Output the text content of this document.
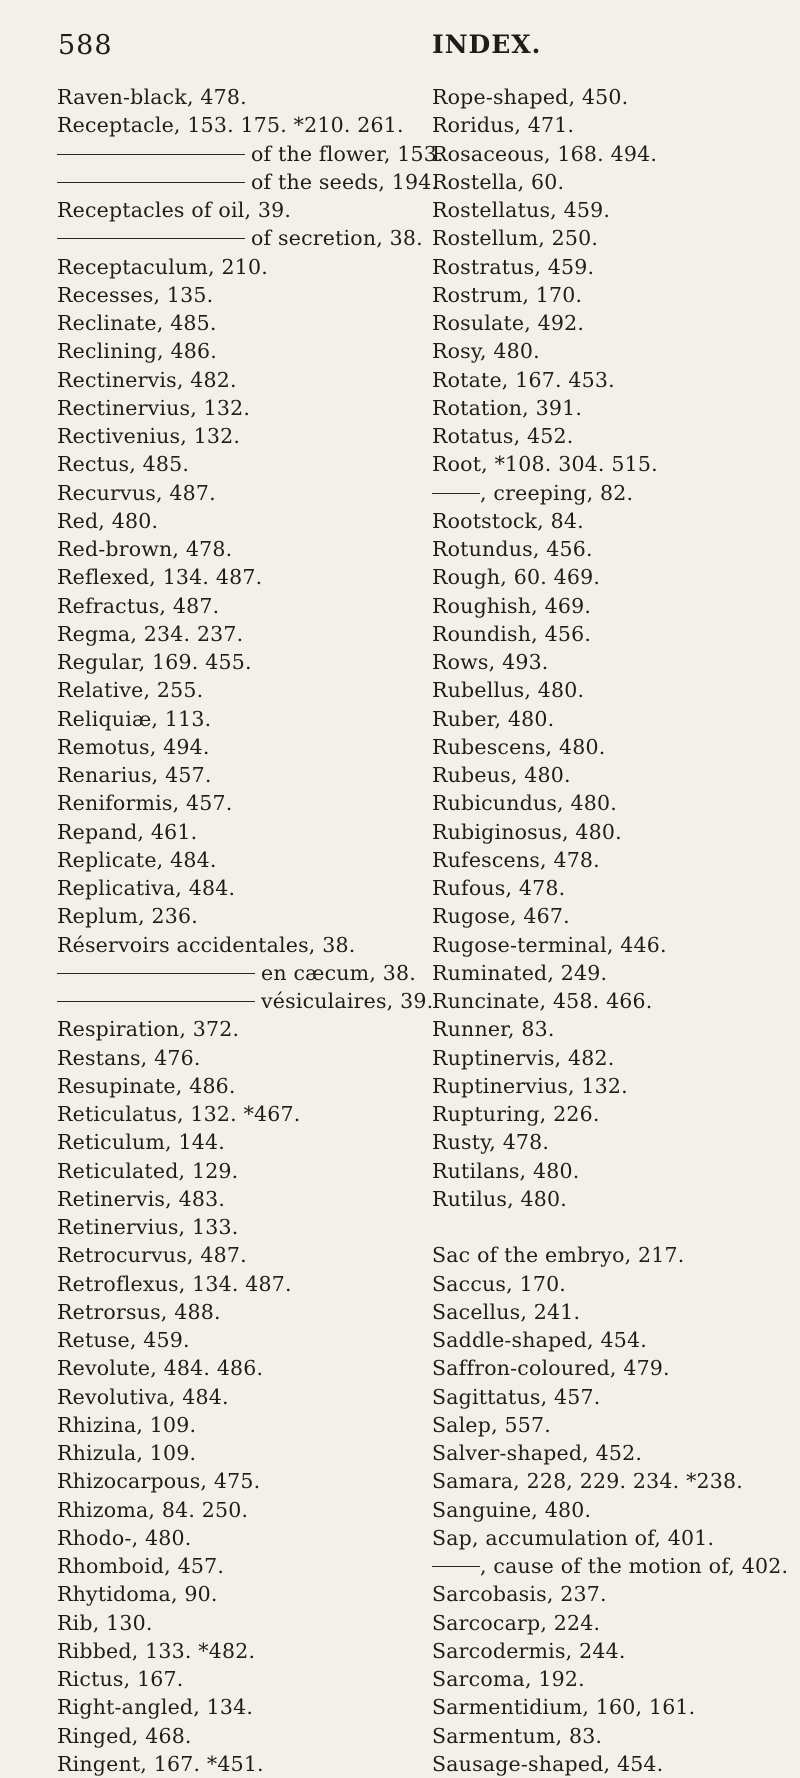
588	INDEX.
Raven-black, 478.
Receptacle, 153. 175. *210. 261.
of the flower, 153.
of the seeds, 194.
Receptacles of oil, 39.
of secretion, 38.
Receptaculum, 210.
Recesses, 135.
Reclinate, 485.
Reclining, 486.
Rectinervis, 482.
Rectinervius, 132.
Rectivenius, 132.
Rectus, 485.
Recurvus, 487.
Red, 480.
Red-brown, 478.
Reflexed, 134. 487.
Refractus, 487.
Regma, 234. 237.
Regular, 169. 455.
Relative, 255.
Reliquiæ, 113.
Remotus, 494.
Renarius, 457.
Reniformis, 457.
Repand, 461.
Replicate, 484.
Replicativa, 484.
Replum, 236.
Réservoirs accidentales, 38.
en cæcum, 38.
vésiculaires, 39.
Respiration, 372.
Restans, 476.
Resupinate, 486.
Reticulatus, 132. *467.
Reticulum, 144.
Reticulated, 129.
Retinervis, 483.
Retinervius, 133.
Retrocurvus, 487.
Retroflexus, 134. 487.
Retrorsus, 488.
Retuse, 459.
Revolute, 484. 486.
Revolutiva, 484.
Rhizina, 109.
Rhizula, 109.
Rhizocarpous, 475.
Rhizoma, 84. 250.
Rhodo-, 480.
Rhomboid, 457.
Rhytidoma, 90.
Rib, 130.
Ribbed, 133. *482.
Rictus, 167.
Right-angled, 134.
Ringed, 468.
Ringent, 167. *451.
Rope-shaped, 450.
Roridus, 471.
Rosaceous, 168. 494.
Rostella, 60.
Rostellatus, 459.
Rostellum, 250.
Rostratus, 459.
Rostrum, 170.
Rosulate, 492.
Rosy, 480.
Rotate, 167. 453.
Rotation, 391.
Rotatus, 452.
Root, *108. 304. 515.
, creeping, 82.
Rootstock, 84.
Rotundus, 456.
Rough, 60. 469.
Roughish, 469.
Roundish, 456.
Rows, 493.
Rubellus, 480.
Ruber, 480.
Rubescens, 480.
Rubeus, 480.
Rubicundus, 480.
Rubiginosus, 480.
Rufescens, 478.
Rufous, 478.
Rugose, 467.
Rugose-terminal, 446.
Ruminated, 249.
Runcinate, 458. 466.
Runner, 83.
Ruptinervis, 482.
Ruptinervius, 132.
Rupturing, 226.
Rusty, 478.
Rutilans, 480.
Rutilus, 480.
Sac of the embryo, 217.
Saccus, 170.
Sacellus, 241.
Saddle-shaped, 454.
Saffron-coloured, 479.
Sagittatus, 457.
Salep, 557.
Salver-shaped, 452.
Samara, 228, 229. 234. *238.
Sanguine, 480.
Sap, accumulation of, 401.
, cause of the motion of, 402.
Sarcobasis, 237.
Sarcocarp, 224.
Sarcodermis, 244.
Sarcoma, 192.
Sarmentidium, 160, 161.
Sarmentum, 83.
Sausage-shaped, 454.
